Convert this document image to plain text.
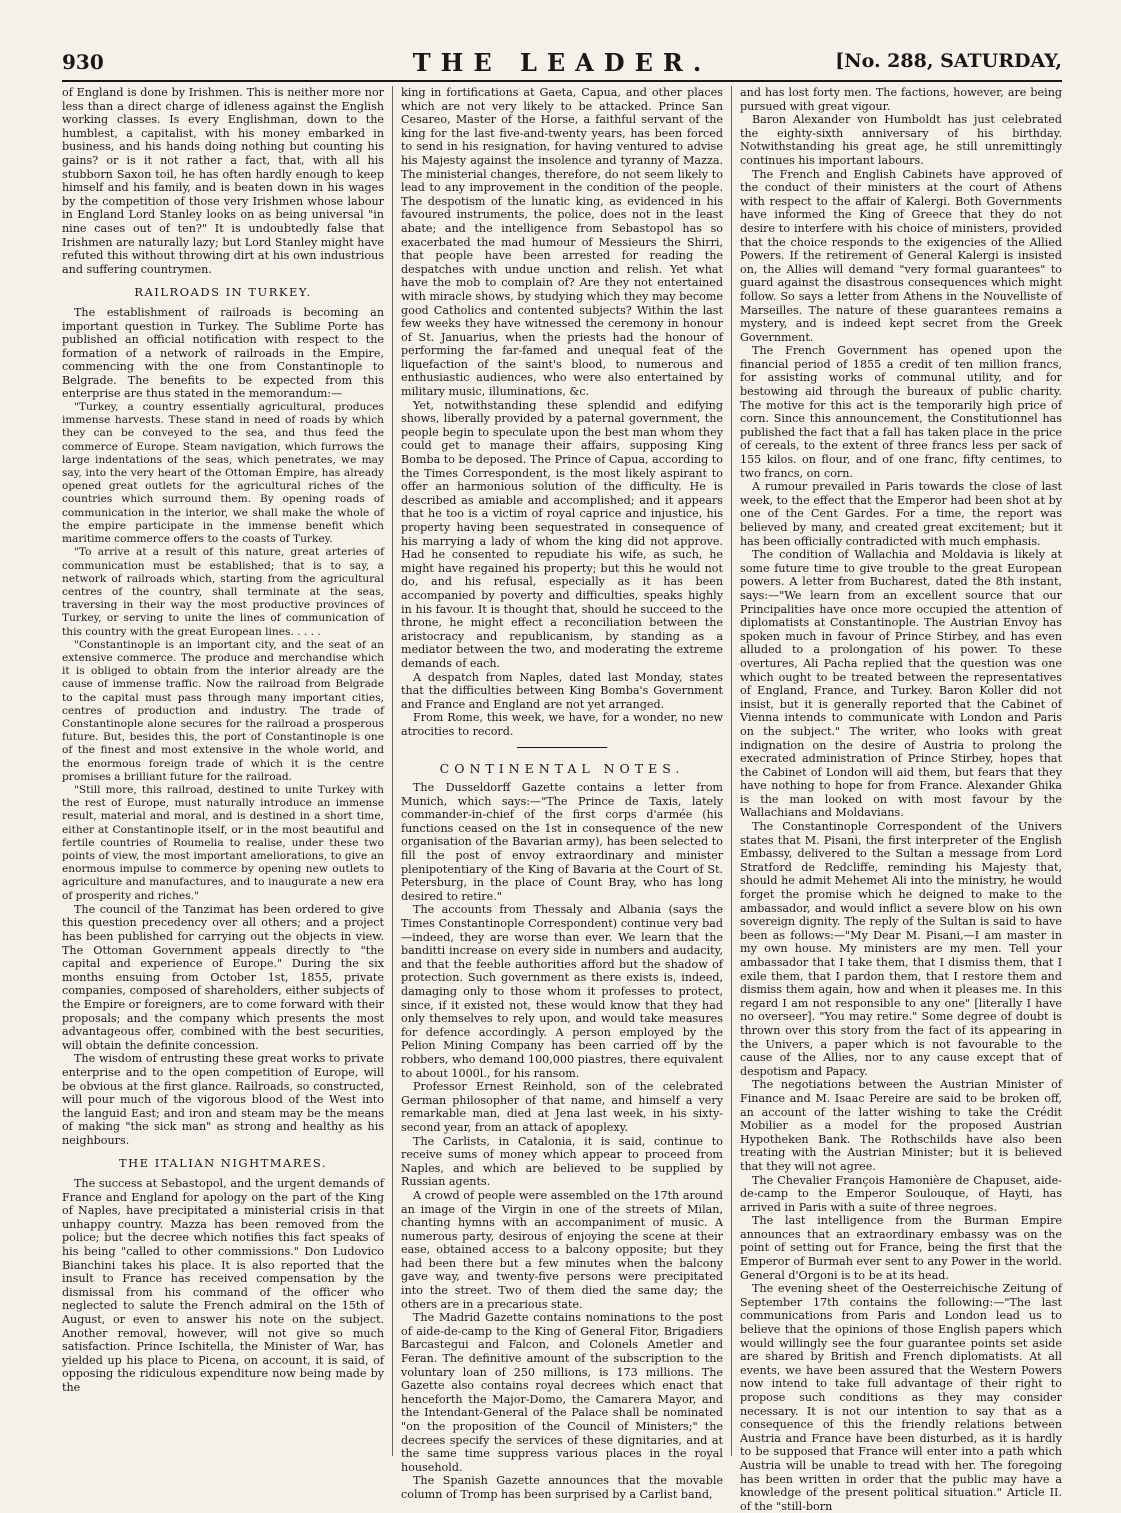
930	THE LEADER.	[No. 288, SATURDAY,

of England is done by Irishmen. This is neither more nor less than a direct charge of idleness against the English working classes. Is every Englishman, down to the humblest, a capitalist, with his money embarked in business, and his hands doing nothing but counting his gains? or is it not rather a fact, that, with all his stubborn Saxon toil, he has often hardly enough to keep himself and his family, and is beaten down in his wages by the competition of those very Irishmen whose labour in England Lord Stanley looks on as being universal "in nine cases out of ten?" It is undoubtedly false that Irishmen are naturally lazy; but Lord Stanley might have refuted this without throwing dirt at his own industrious and suffering countrymen.

RAILROADS IN TURKEY.

The establishment of railroads is becoming an important question in Turkey. The Sublime Porte has published an official notification with respect to the formation of a network of railroads in the Empire, commencing with the one from Constantinople to Belgrade. The benefits to be expected from this enterprise are thus stated in the memorandum:—

"Turkey, a country essentially agricultural, produces immense harvests. These stand in need of roads by which they can be conveyed to the sea, and thus feed the commerce of Europe. Steam navigation, which furrows the large indentations of the seas, which penetrates, we may say, into the very heart of the Ottoman Empire, has already opened great outlets for the agricultural riches of the countries which surround them. By opening roads of communication in the interior, we shall make the whole of the empire participate in the immense benefit which maritime commerce offers to the coasts of Turkey.

"To arrive at a result of this nature, great arteries of communication must be established; that is to say, a network of railroads which, starting from the agricultural centres of the country, shall terminate at the seas, traversing in their way the most productive provinces of Turkey, or serving to unite the lines of communication of this country with the great European lines. . . . .

"Constantinople is an important city, and the seat of an extensive commerce. The produce and merchandise which it is obliged to obtain from the interior already are the cause of immense traffic. Now the railroad from Belgrade to the capital must pass through many important cities, centres of production and industry. The trade of Constantinople alone secures for the railroad a prosperous future. But, besides this, the port of Constantinople is one of the finest and most extensive in the whole world, and the enormous foreign trade of which it is the centre promises a brilliant future for the railroad.

"Still more, this railroad, destined to unite Turkey with the rest of Europe, must naturally introduce an immense result, material and moral, and is destined in a short time, either at Constantinople itself, or in the most beautiful and fertile countries of Roumelia to realise, under these two points of view, the most important ameliorations, to give an enormous impulse to commerce by opening new outlets to agriculture and manufactures, and to inaugurate a new era of prosperity and riches."

The council of the Tanzimat has been ordered to give this question precedency over all others; and a project has been published for carrying out the objects in view. The Ottoman Government appeals directly to "the capital and experience of Europe." During the six months ensuing from October 1st, 1855, private companies, composed of shareholders, either subjects of the Empire or foreigners, are to come forward with their proposals; and the company which presents the most advantageous offer, combined with the best securities, will obtain the definite concession.

The wisdom of entrusting these great works to private enterprise and to the open competition of Europe, will be obvious at the first glance. Railroads, so constructed, will pour much of the vigorous blood of the West into the languid East; and iron and steam may be the means of making "the sick man" as strong and healthy as his neighbours.

THE ITALIAN NIGHTMARES.

The success at Sebastopol, and the urgent demands of France and England for apology on the part of the King of Naples, have precipitated a ministerial crisis in that unhappy country. Mazza has been removed from the police; but the decree which notifies this fact speaks of his being "called to other commissions." Don Ludovico Bianchini takes his place. It is also reported that the insult to France has received compensation by the dismissal from his command of the officer who neglected to salute the French admiral on the 15th of August, or even to answer his note on the subject. Another removal, however, will not give so much satisfaction. Prince Ischitella, the Minister of War, has yielded up his place to Picena, on account, it is said, of opposing the ridiculous expenditure now being made by the

king in fortifications at Gaeta, Capua, and other places which are not very likely to be attacked. Prince San Cesareo, Master of the Horse, a faithful servant of the king for the last five-and-twenty years, has been forced to send in his resignation, for having ventured to advise his Majesty against the insolence and tyranny of Mazza. The ministerial changes, therefore, do not seem likely to lead to any improvement in the condition of the people. The despotism of the lunatic king, as evidenced in his favoured instruments, the police, does not in the least abate; and the intelligence from Sebastopol has so exacerbated the mad humour of Messieurs the Shirri, that people have been arrested for reading the despatches with undue unction and relish. Yet what have the mob to complain of? Are they not entertained with miracle shows, by studying which they may become good Catholics and contented subjects? Within the last few weeks they have witnessed the ceremony in honour of St. Januarius, when the priests had the honour of performing the far-famed and unequal feat of the liquefaction of the saint's blood, to numerous and enthusiastic audiences, who were also entertained by military music, illuminations, &c.

Yet, notwithstanding these splendid and edifying shows, liberally provided by a paternal government, the people begin to speculate upon the best man whom they could get to manage their affairs, supposing King Bomba to be deposed. The Prince of Capua, according to the Times Correspondent, is the most likely aspirant to offer an harmonious solution of the difficulty. He is described as amiable and accomplished; and it appears that he too is a victim of royal caprice and injustice, his property having been sequestrated in consequence of his marrying a lady of whom the king did not approve. Had he consented to repudiate his wife, as such, he might have regained his property; but this he would not do, and his refusal, especially as it has been accompanied by poverty and difficulties, speaks highly in his favour. It is thought that, should he succeed to the throne, he might effect a reconciliation between the aristocracy and republicanism, by standing as a mediator between the two, and moderating the extreme demands of each.

A despatch from Naples, dated last Monday, states that the difficulties between King Bomba's Government and France and England are not yet arranged.

From Rome, this week, we have, for a wonder, no new atrocities to record.

CONTINENTAL NOTES.

The Dusseldorff Gazette contains a letter from Munich, which says:—"The Prince de Taxis, lately commander-in-chief of the first corps d'armée (his functions ceased on the 1st in consequence of the new organisation of the Bavarian army), has been selected to fill the post of envoy extraordinary and minister plenipotentiary of the King of Bavaria at the Court of St. Petersburg, in the place of Count Bray, who has long desired to retire."

The accounts from Thessaly and Albania (says the Times Constantinople Correspondent) continue very bad —indeed, they are worse than ever. We learn that the banditti increase on every side in numbers and audacity, and that the feeble authorities afford but the shadow of protection. Such government as there exists is, indeed, damaging only to those whom it professes to protect, since, if it existed not, these would know that they had only themselves to rely upon, and would take measures for defence accordingly. A person employed by the Pelion Mining Company has been carried off by the robbers, who demand 100,000 piastres, there equivalent to about 1000l., for his ransom.

Professor Ernest Reinhold, son of the celebrated German philosopher of that name, and himself a very remarkable man, died at Jena last week, in his sixty-second year, from an attack of apoplexy.

The Carlists, in Catalonia, it is said, continue to receive sums of money which appear to proceed from Naples, and which are believed to be supplied by Russian agents.

A crowd of people were assembled on the 17th around an image of the Virgin in one of the streets of Milan, chanting hymns with an accompaniment of music. A numerous party, desirous of enjoying the scene at their ease, obtained access to a balcony opposite; but they had been there but a few minutes when the balcony gave way, and twenty-five persons were precipitated into the street. Two of them died the same day; the others are in a precarious state.

The Madrid Gazette contains nominations to the post of aide-de-camp to the King of General Fitor, Brigadiers Barcastegui and Falcon, and Colonels Ametler and Feran. The definitive amount of the subscription to the voluntary loan of 250 millions, is 173 millions. The Gazette also contains royal decrees which enact that henceforth the Major-Domo, the Camarera Mayor, and the Intendant-General of the Palace shall be nominated "on the proposition of the Council of Ministers;" the decrees specify the services of these dignitaries, and at the same time suppress various places in the royal household.

The Spanish Gazette announces that the movable column of Tromp has been surprised by a Carlist band,

and has lost forty men. The factions, however, are being pursued with great vigour.

Baron Alexander von Humboldt has just celebrated the eighty-sixth anniversary of his birthday. Notwithstanding his great age, he still unremittingly continues his important labours.

The French and English Cabinets have approved of the conduct of their ministers at the court of Athens with respect to the affair of Kalergi. Both Governments have informed the King of Greece that they do not desire to interfere with his choice of ministers, provided that the choice responds to the exigencies of the Allied Powers. If the retirement of General Kalergi is insisted on, the Allies will demand "very formal guarantees" to guard against the disastrous consequences which might follow. So says a letter from Athens in the Nouvelliste of Marseilles. The nature of these guarantees remains a mystery, and is indeed kept secret from the Greek Government.

The French Government has opened upon the financial period of 1855 a credit of ten million francs, for assisting works of communal utility, and for bestowing aid through the bureaux of public charity. The motive for this act is the temporarily high price of corn. Since this announcement, the Constitutionnel has published the fact that a fall has taken place in the price of cereals, to the extent of three francs less per sack of 155 kilos. on flour, and of one franc, fifty centimes, to two francs, on corn.

A rumour prevailed in Paris towards the close of last week, to the effect that the Emperor had been shot at by one of the Cent Gardes. For a time, the report was believed by many, and created great excitement; but it has been officially contradicted with much emphasis.

The condition of Wallachia and Moldavia is likely at some future time to give trouble to the great European powers. A letter from Bucharest, dated the 8th instant, says:—"We learn from an excellent source that our Principalities have once more occupied the attention of diplomatists at Constantinople. The Austrian Envoy has spoken much in favour of Prince Stirbey, and has even alluded to a prolongation of his power. To these overtures, Ali Pacha replied that the question was one which ought to be treated between the representatives of England, France, and Turkey. Baron Koller did not insist, but it is generally reported that the Cabinet of Vienna intends to communicate with London and Paris on the subject." The writer, who looks with great indignation on the desire of Austria to prolong the execrated administration of Prince Stirbey, hopes that the Cabinet of London will aid them, but fears that they have nothing to hope for from France. Alexander Ghika is the man looked on with most favour by the Wallachians and Moldavians.

The Constantinople Correspondent of the Univers states that M. Pisani, the first interpreter of the English Embassy, delivered to the Sultan a message from Lord Stratford de Redcliffe, reminding his Majesty that, should he admit Mehemet Ali into the ministry, he would forget the promise which he deigned to make to the ambassador, and would inflict a severe blow on his own sovereign dignity. The reply of the Sultan is said to have been as follows:—"My Dear M. Pisani,—I am master in my own house. My ministers are my men. Tell your ambassador that I take them, that I dismiss them, that I exile them, that I pardon them, that I restore them and dismiss them again, how and when it pleases me. In this regard I am not responsible to any one" [literally I have no overseer]. "You may retire." Some degree of doubt is thrown over this story from the fact of its appearing in the Univers, a paper which is not favourable to the cause of the Allies, nor to any cause except that of despotism and Papacy.

The negotiations between the Austrian Minister of Finance and M. Isaac Pereire are said to be broken off, an account of the latter wishing to take the Crédit Mobilier as a model for the proposed Austrian Hypotheken Bank. The Rothschilds have also been treating with the Austrian Minister; but it is believed that they will not agree.

The Chevalier François Hamonière de Chapuset, aide-de-camp to the Emperor Soulouque, of Hayti, has arrived in Paris with a suite of three negroes.

The last intelligence from the Burman Empire announces that an extraordinary embassy was on the point of setting out for France, being the first that the Emperor of Burmah ever sent to any Power in the world. General d'Orgoni is to be at its head.

The evening sheet of the Oesterreichische Zeitung of September 17th contains the following:—"The last communications from Paris and London lead us to believe that the opinions of those English papers which would willingly see the four guarantee points set aside are shared by British and French diplomatists. At all events, we have been assured that the Western Powers now intend to take full advantage of their right to propose such conditions as they may consider necessary. It is not our intention to say that as a consequence of this the friendly relations between Austria and France have been disturbed, as it is hardly to be supposed that France will enter into a path which Austria will be unable to tread with her. The foregoing has been written in order that the public may have a knowledge of the present political situation." Article II. of the "still-born
